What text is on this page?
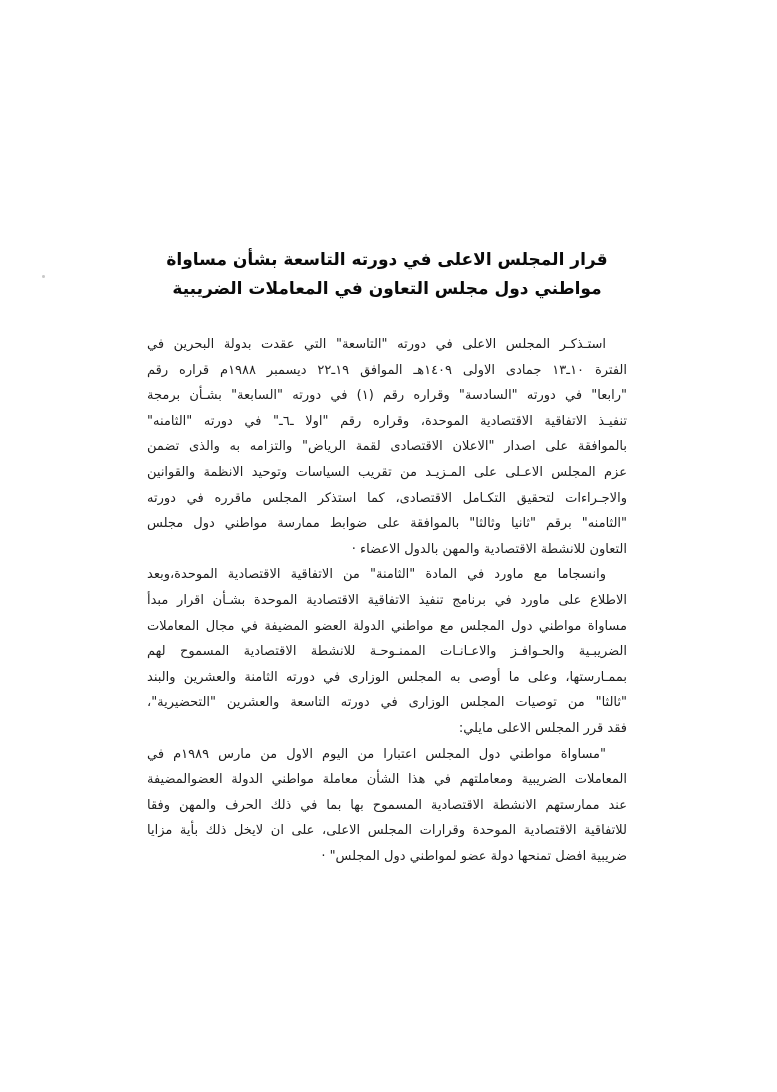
قرار المجلس الاعلى في دورته التاسعة بشأن مساواة
مواطني دول مجلس التعاون في المعاملات الضريبية
استـذكـر المجلس الاعلى في دورته "التاسعة" التي عقدت بدولة البحرين في
الفترة ١٠ـ١٣ جمادى الاولى ١٤٠٩هـ الموافق ١٩ـ٢٢ ديسمبر ١٩٨٨م قراره رقم
"رابعا" في دورته "السادسة" وقراره رقم (١) في دورته "السابعة" بشـأن برمجة
تنفيـذ الاتفاقية الاقتصادية الموحدة، وقراره رقم "اولا ـ٦ـ" في دورته "الثامنه"
بالموافقة على اصدار "الاعلان الاقتصادى لقمة الرياض" والتزامه به والذى تضمن
عزم المجلس الاعـلى على المـزيـد من تقريب السياسات وتوحيد الانظمة والقوانين
والاجـراءات لتحقيق التكـامل الاقتصادى، كما استذكر المجلس ماقرره في دورته
"الثامنه" برقم "ثانيا وثالثا" بالموافقة على ضوابط ممارسة مواطني دول مجلس
التعاون للانشطة الاقتصادية والمهن بالدول الاعضاء ·
وانسجاما مع ماورد في المادة "الثامنة" من الاتفاقية الاقتصادية الموحدة،وبعد
الاطلاع على ماورد في برنامج تنفيذ الاتفاقية الاقتصادية الموحدة بشـأن اقرار مبدأ
مساواة مواطني دول المجلس مع مواطني الدولة العضو المضيفة في مجال المعاملات
الضريبـية والحـوافـز والاعـانـات الممنـوحـة للانشطة الاقتصادية المسموح لهم
بممـارستها، وعلى ما أوصى به المجلس الوزارى في دورته الثامنة والعشرين والبند
"ثالثا" من توصيات المجلس الوزارى في دورته التاسعة والعشرين "التحضيرية"،
فقد قرر المجلس الاعلى مايلي:
"مساواة مواطني دول المجلس اعتبارا من اليوم الاول من مارس ١٩٨٩م في
المعاملات الضريبية ومعاملتهم في هذا الشأن معاملة مواطني الدولة العضوالمضيفة
عند ممارستهم الانشطة الاقتصادية المسموح بها بما في ذلك الحرف والمهن وفقا
للاتفاقية الاقتصادية الموحدة وقرارات المجلس الاعلى، على ان لايخل ذلك بأية مزايا
ضريبية افضل تمنحها دولة عضو لمواطني دول المجلس" ·
